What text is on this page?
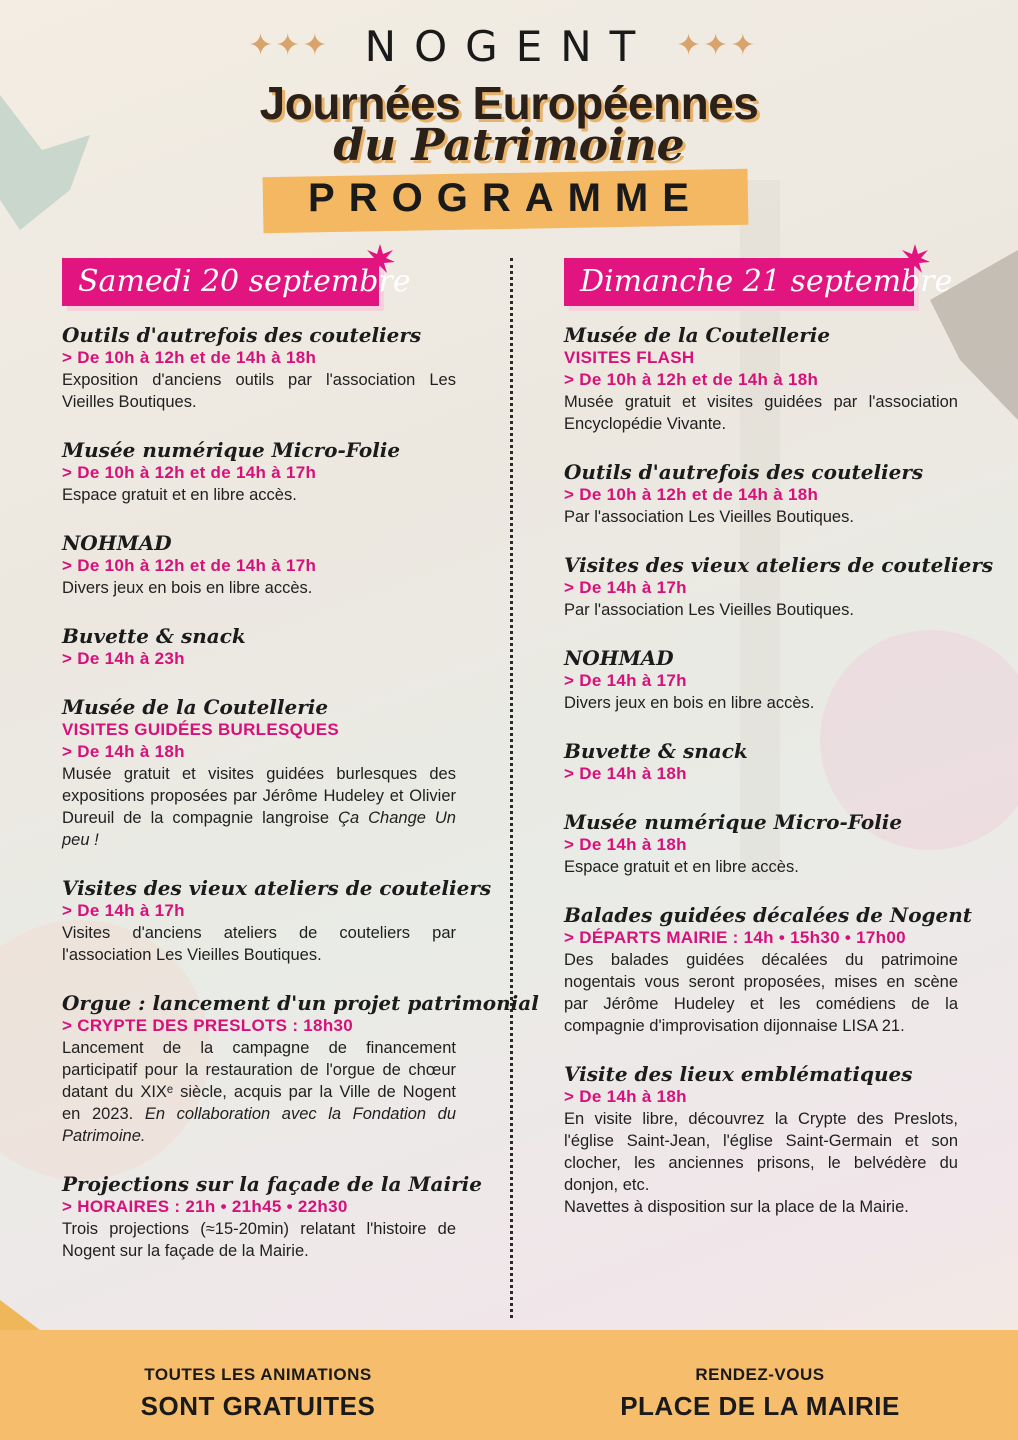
✦✦✦ NOGENT ✦✦✦
Journées Européennes
du Patrimoine
PROGRAMME
Samedi 20 septembre
Outils d'autrefois des couteliers
> De 10h à 12h et de 14h à 18h
Exposition d'anciens outils par l'association Les Vieilles Boutiques.
Musée numérique Micro-Folie
> De 10h à 12h et de 14h à 17h
Espace gratuit et en libre accès.
NOHMAD
> De 10h à 12h et de 14h à 17h
Divers jeux en bois en libre accès.
Buvette & snack
> De 14h à 23h
Musée de la Coutellerie
VISITES GUIDÉES BURLESQUES
> De 14h à 18h
Musée gratuit et visites guidées burlesques des expositions proposées par Jérôme Hudeley et Olivier Dureuil de la compagnie langroise Ça Change Un peu !
Visites des vieux ateliers de couteliers
> De 14h à 17h
Visites d'anciens ateliers de couteliers par l'association Les Vieilles Boutiques.
Orgue : lancement d'un projet patrimonial
> CRYPTE DES PRESLOTS : 18h30
Lancement de la campagne de financement participatif pour la restauration de l'orgue de chœur datant du XIXᵉ siècle, acquis par la Ville de Nogent en 2023. En collaboration avec la Fondation du Patrimoine.
Projections sur la façade de la Mairie
> HORAIRES : 21h • 21h45 • 22h30
Trois projections (≈15-20min) relatant l'histoire de Nogent sur la façade de la Mairie.
Dimanche 21 septembre
Musée de la Coutellerie
VISITES FLASH
> De 10h à 12h et de 14h à 18h
Musée gratuit et visites guidées par l'association Encyclopédie Vivante.
Outils d'autrefois des couteliers
> De 10h à 12h et de 14h à 18h
Par l'association Les Vieilles Boutiques.
Visites des vieux ateliers de couteliers
> De 14h à 17h
Par l'association Les Vieilles Boutiques.
NOHMAD
> De 14h à 17h
Divers jeux en bois en libre accès.
Buvette & snack
> De 14h à 18h
Musée numérique Micro-Folie
> De 14h à 18h
Espace gratuit et en libre accès.
Balades guidées décalées de Nogent
> DÉPARTS MAIRIE : 14h • 15h30 • 17h00
Des balades guidées décalées du patrimoine nogentais vous seront proposées, mises en scène par Jérôme Hudeley et les comédiens de la compagnie d'improvisation dijonnaise LISA 21.
Visite des lieux emblématiques
> De 14h à 18h
En visite libre, découvrez la Crypte des Preslots, l'église Saint-Jean, l'église Saint-Germain et son clocher, les anciennes prisons, le belvédère du donjon, etc.
Navettes à disposition sur la place de la Mairie.
TOUTES LES ANIMATIONS
SONT GRATUITES
RENDEZ-VOUS
PLACE DE LA MAIRIE
